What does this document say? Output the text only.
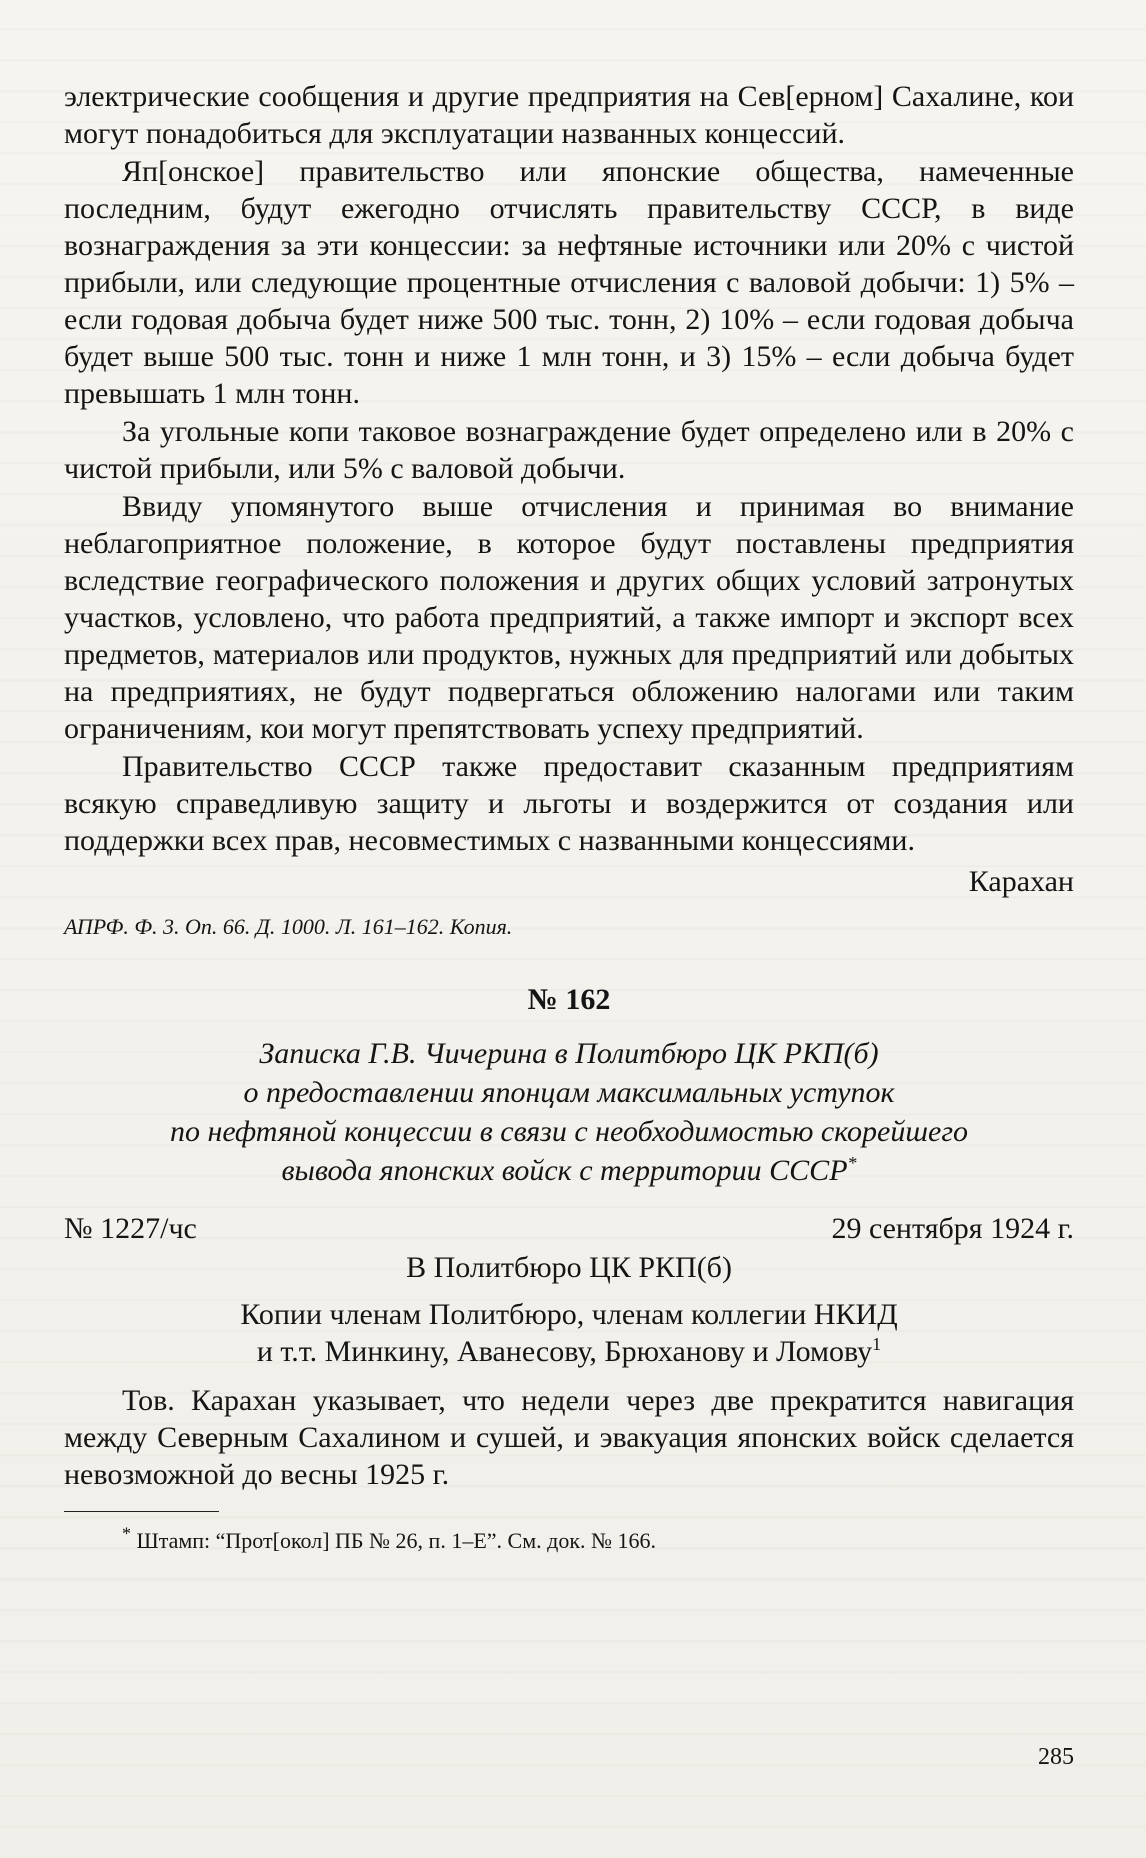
электрические сообщения и другие предприятия на Сев[ерном] Сахалине, кои могут понадобиться для эксплуатации названных концессий.

Яп[онское] правительство или японские общества, намеченные последним, будут ежегодно отчислять правительству СССР, в виде вознаграждения за эти концессии: за нефтяные источники или 20% с чистой прибыли, или следующие процентные отчисления с валовой добычи: 1) 5% – если годовая добыча будет ниже 500 тыс. тонн, 2) 10% – если годовая добыча будет выше 500 тыс. тонн и ниже 1 млн тонн, и 3) 15% – если добыча будет превышать 1 млн тонн.

За угольные копи таковое вознаграждение будет определено или в 20% с чистой прибыли, или 5% с валовой добычи.

Ввиду упомянутого выше отчисления и принимая во внимание неблагоприятное положение, в которое будут поставлены предприятия вследствие географического положения и других общих условий затронутых участков, условлено, что работа предприятий, а также импорт и экспорт всех предметов, материалов или продуктов, нужных для предприятий или добытых на предприятиях, не будут подвергаться обложению налогами или таким ограничениям, кои могут препятствовать успеху предприятий.

Правительство СССР также предоставит сказанным предприятиям всякую справедливую защиту и льготы и воздержится от создания или поддержки всех прав, несовместимых с названными концессиями.

Карахан
АПРФ. Ф. 3. Оп. 66. Д. 1000. Л. 161–162. Копия.
№ 162
Записка Г.В. Чичерина в Политбюро ЦК РКП(б)
о предоставлении японцам максимальных уступок
по нефтяной концессии в связи с необходимостью скорейшего
вывода японских войск с территории СССР*
№ 1227/чс	29 сентября 1924 г.
В Политбюро ЦК РКП(б)
Копии членам Политбюро, членам коллегии НКИД
и т.т. Минкину, Аванесову, Брюханову и Ломову$^1$

Тов. Карахан указывает, что недели через две прекратится навигация между Северным Сахалином и сушей, и эвакуация японских войск сделается невозможной до весны 1925 г.

* Штамп: “Прот[окол] ПБ № 26, п. 1–Е”. См. док. № 166.
285
